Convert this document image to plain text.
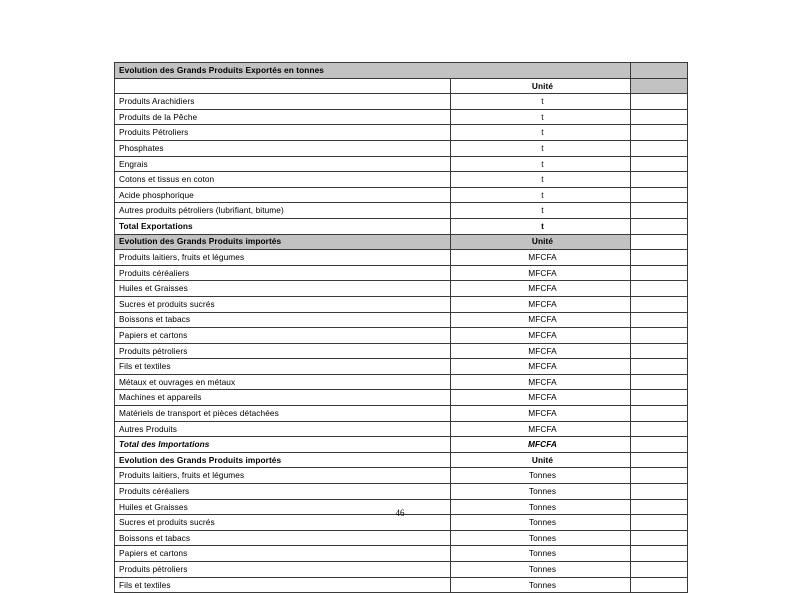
Evolution des Grands Produits Exportés en tonnes		
	Unité	
Produits Arachidiers	t	
Produits de la Pêche	t	
Produits Pétroliers	t	
Phosphates	t	
Engrais	t	
Cotons et tissus en coton	t	
Acide phosphorique	t	
Autres produits pétroliers (lubrifiant, bitume)	t	
Total Exportations	t	
Evolution des Grands Produits importés	Unité	
Produits laitiers, fruits et légumes	MFCFA	
Produits céréaliers	MFCFA	
Huiles et Graisses	MFCFA	
Sucres et produits sucrés	MFCFA	
Boissons et tabacs	MFCFA	
Papiers et cartons	MFCFA	
Produits pétroliers	MFCFA	
Fils et textiles	MFCFA	
Métaux et ouvrages en métaux	MFCFA	
Machines et appareils	MFCFA	
Matériels de transport et pièces détachées	MFCFA	
Autres Produits	MFCFA	
Total des Importations	MFCFA	
Evolution des Grands Produits importés	Unité	
Produits laitiers, fruits et légumes	Tonnes	
Produits céréaliers	Tonnes	
Huiles et Graisses	Tonnes	
Sucres et produits sucrés	Tonnes	
Boissons et tabacs	Tonnes	
Papiers et cartons	Tonnes	
Produits pétroliers	Tonnes	
Fils et textiles	Tonnes	
46
